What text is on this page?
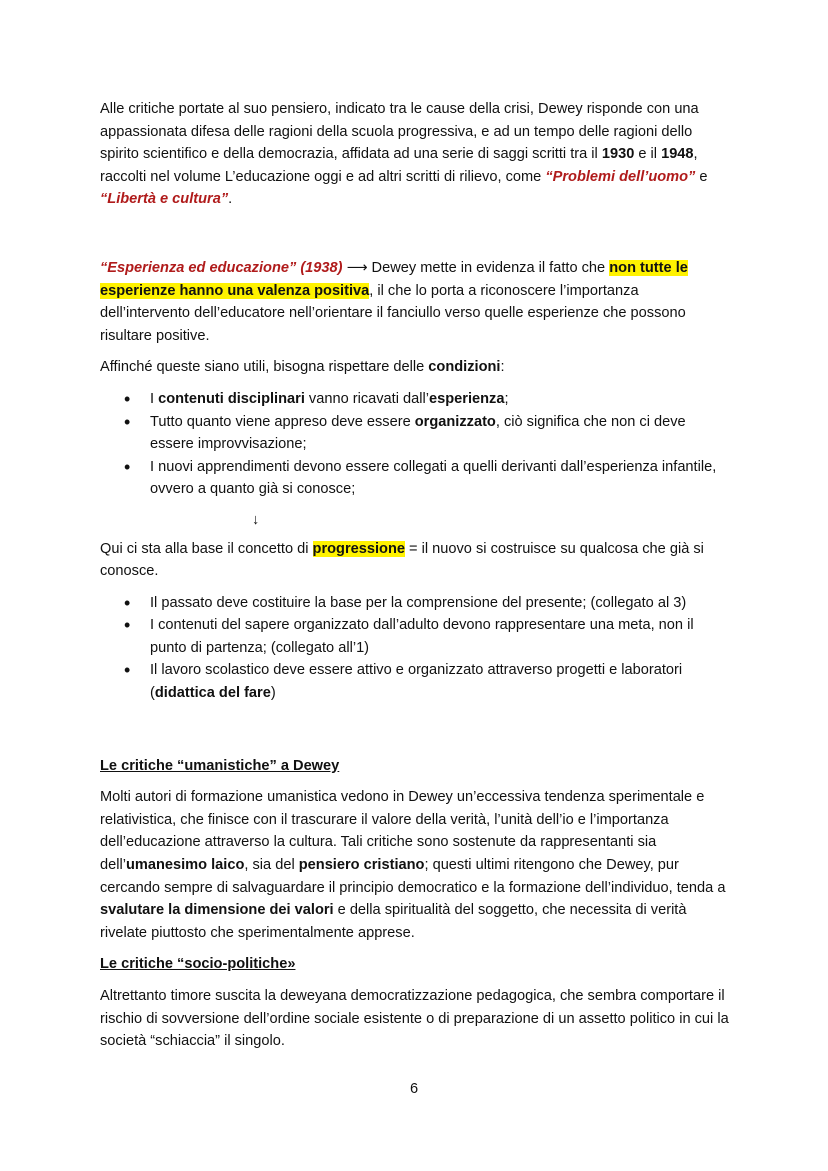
Alle critiche portate al suo pensiero, indicato tra le cause della crisi, Dewey risponde con una appassionata difesa delle ragioni della scuola progressiva, e ad un tempo delle ragioni dello spirito scientifico e della democrazia, affidata ad una serie di saggi scritti tra il 1930 e il 1948, raccolti nel volume L’educazione oggi e ad altri scritti di rilievo, come “Problemi dell’uomo” e “Libertà e cultura”.

“Esperienza ed educazione” (1938) ⟶ Dewey mette in evidenza il fatto che non tutte le esperienze hanno una valenza positiva, il che lo porta a riconoscere l’importanza dell’intervento dell’educatore nell’orientare il fanciullo verso quelle esperienze che possono risultare positive.

Affinché queste siano utili, bisogna rispettare delle condizioni:

• I contenuti disciplinari vanno ricavati dall’esperienza;
• Tutto quanto viene appreso deve essere organizzato, ciò significa che non ci deve essere improvvisazione;
• I nuovi apprendimenti devono essere collegati a quelli derivanti dall’esperienza infantile, ovvero a quanto già si conosce;

↓

Qui ci sta alla base il concetto di progressione = il nuovo si costruisce su qualcosa che già si conosce.

• Il passato deve costituire la base per la comprensione del presente; (collegato al 3)
• I contenuti del sapere organizzato dall’adulto devono rappresentare una meta, non il punto di partenza; (collegato all’1)
• Il lavoro scolastico deve essere attivo e organizzato attraverso progetti e laboratori (didattica del fare)

Le critiche “umanistiche” a Dewey

Molti autori di formazione umanistica vedono in Dewey un’eccessiva tendenza sperimentale e relativistica, che finisce con il trascurare il valore della verità, l’unità dell’io e l’importanza dell’educazione attraverso la cultura. Tali critiche sono sostenute da rappresentanti sia dell’umanesimo laico, sia del pensiero cristiano; questi ultimi ritengono che Dewey, pur cercando sempre di salvaguardare il principio democratico e la formazione dell’individuo, tenda a svalutare la dimensione dei valori e della spiritualità del soggetto, che necessita di verità rivelate piuttosto che sperimentalmente apprese.

Le critiche “socio-politiche»

Altrettanto timore suscita la deweyana democratizzazione pedagogica, che sembra comportare il rischio di sovversione dell’ordine sociale esistente o di preparazione di un assetto politico in cui la società “schiaccia” il singolo.

6
